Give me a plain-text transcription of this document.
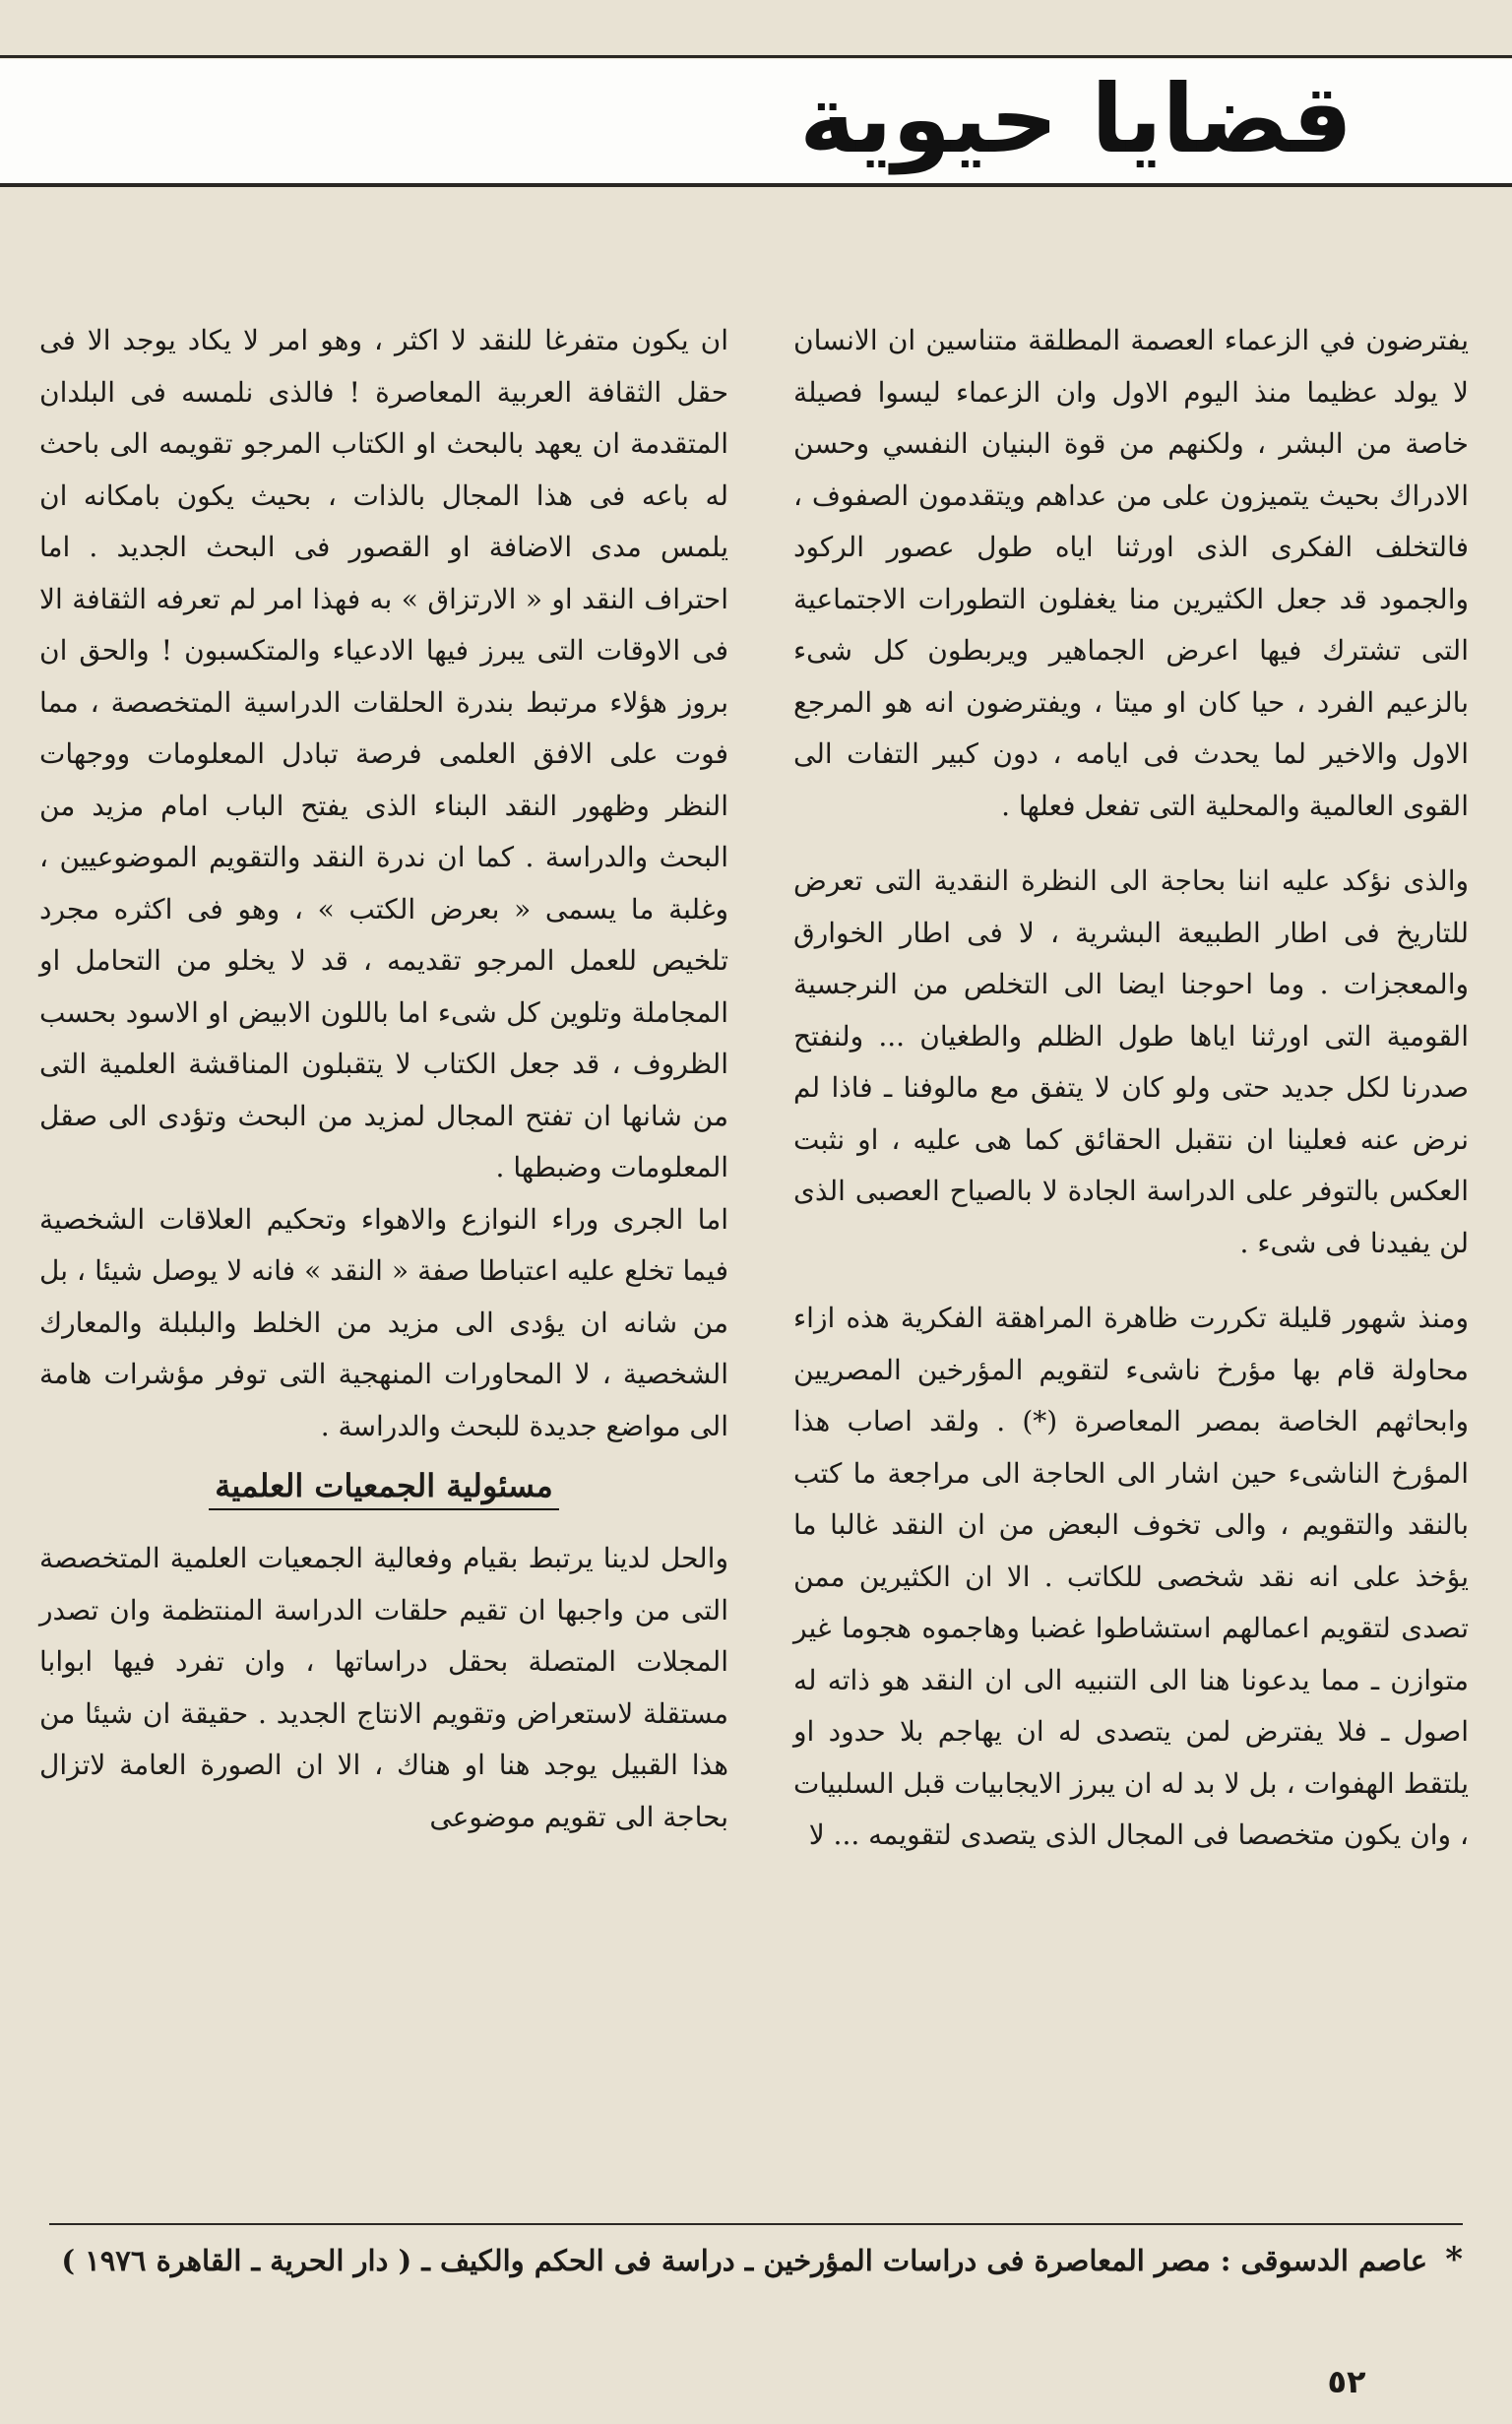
قضايا حيوية

يفترضون في الزعماء العصمة المطلقة متناسين ان الانسان لا يولد عظيما منذ اليوم الاول وان الزعماء ليسوا فصيلة خاصة من البشر ، ولكنهم من قوة البنيان النفسي وحسن الادراك بحيث يتميزون على من عداهم ويتقدمون الصفوف ، فالتخلف الفكرى الذى اورثنا اياه طول عصور الركود والجمود قد جعل الكثيرين منا يغفلون التطورات الاجتماعية التى تشترك فيها اعرض الجماهير ويربطون كل شىء بالزعيم الفرد ، حيا كان او ميتا ، ويفترضون انه هو المرجع الاول والاخير لما يحدث فى ايامه ، دون كبير التفات الى القوى العالمية والمحلية التى تفعل فعلها .

والذى نؤكد عليه اننا بحاجة الى النظرة النقدية التى تعرض للتاريخ فى اطار الطبيعة البشرية ، لا فى اطار الخوارق والمعجزات . وما احوجنا ايضا الى التخلص من النرجسية القومية التى اورثنا اياها طول الظلم والطغيان ... ولنفتح صدرنا لكل جديد حتى ولو كان لا يتفق مع مالوفنا ـ فاذا لم نرض عنه فعلينا ان نتقبل الحقائق كما هى عليه ، او نثبت العكس بالتوفر على الدراسة الجادة لا بالصياح العصبى الذى لن يفيدنا فى شىء .

ومنذ شهور قليلة تكررت ظاهرة المراهقة الفكرية هذه ازاء محاولة قام بها مؤرخ ناشىء لتقويم المؤرخين المصريين وابحاثهم الخاصة بمصر المعاصرة (*) . ولقد اصاب هذا المؤرخ الناشىء حين اشار الى الحاجة الى مراجعة ما كتب بالنقد والتقويم ، والى تخوف البعض من ان النقد غالبا ما يؤخذ على انه نقد شخصى للكاتب . الا ان الكثيرين ممن تصدى لتقويم اعمالهم استشاطوا غضبا وهاجموه هجوما غير متوازن ـ مما يدعونا هنا الى التنبيه الى ان النقد هو ذاته له اصول ـ فلا يفترض لمن يتصدى له ان يهاجم بلا حدود او يلتقط الهفوات ، بل لا بد له ان يبرز الايجابيات قبل السلبيات ، وان يكون متخصصا فى المجال الذى يتصدى لتقويمه ... لا

ان يكون متفرغا للنقد لا اكثر ، وهو امر لا يكاد يوجد الا فى حقل الثقافة العربية المعاصرة ! فالذى نلمسه فى البلدان المتقدمة ان يعهد بالبحث او الكتاب المرجو تقويمه الى باحث له باعه فى هذا المجال بالذات ، بحيث يكون بامكانه ان يلمس مدى الاضافة او القصور فى البحث الجديد . اما احتراف النقد او « الارتزاق » به فهذا امر لم تعرفه الثقافة الا فى الاوقات التى يبرز فيها الادعياء والمتكسبون ! والحق ان بروز هؤلاء مرتبط بندرة الحلقات الدراسية المتخصصة ، مما فوت على الافق العلمى فرصة تبادل المعلومات ووجهات النظر وظهور النقد البناء الذى يفتح الباب امام مزيد من البحث والدراسة . كما ان ندرة النقد والتقويم الموضوعيين ، وغلبة ما يسمى « بعرض الكتب » ، وهو فى اكثره مجرد تلخيص للعمل المرجو تقديمه ، قد لا يخلو من التحامل او المجاملة وتلوين كل شىء اما باللون الابيض او الاسود بحسب الظروف ، قد جعل الكتاب لا يتقبلون المناقشة العلمية التى من شانها ان تفتح المجال لمزيد من البحث وتؤدى الى صقل المعلومات وضبطها .

اما الجرى وراء النوازع والاهواء وتحكيم العلاقات الشخصية فيما تخلع عليه اعتباطا صفة « النقد » فانه لا يوصل شيئا ، بل من شانه ان يؤدى الى مزيد من الخلط والبلبلة والمعارك الشخصية ، لا المحاورات المنهجية التى توفر مؤشرات هامة الى مواضع جديدة للبحث والدراسة .

مسئولية الجمعيات العلمية

والحل لدينا يرتبط بقيام وفعالية الجمعيات العلمية المتخصصة التى من واجبها ان تقيم حلقات الدراسة المنتظمة وان تصدر المجلات المتصلة بحقل دراساتها ، وان تفرد فيها ابوابا مستقلة لاستعراض وتقويم الانتاج الجديد . حقيقة ان شيئا من هذا القبيل يوجد هنا او هناك ، الا ان الصورة العامة لاتزال بحاجة الى تقويم موضوعى

* عاصم الدسوقى : مصر المعاصرة فى دراسات المؤرخين ـ دراسة فى الحكم والكيف ـ ( دار الحرية ـ القاهرة ١٩٧٦ )
٥٢
